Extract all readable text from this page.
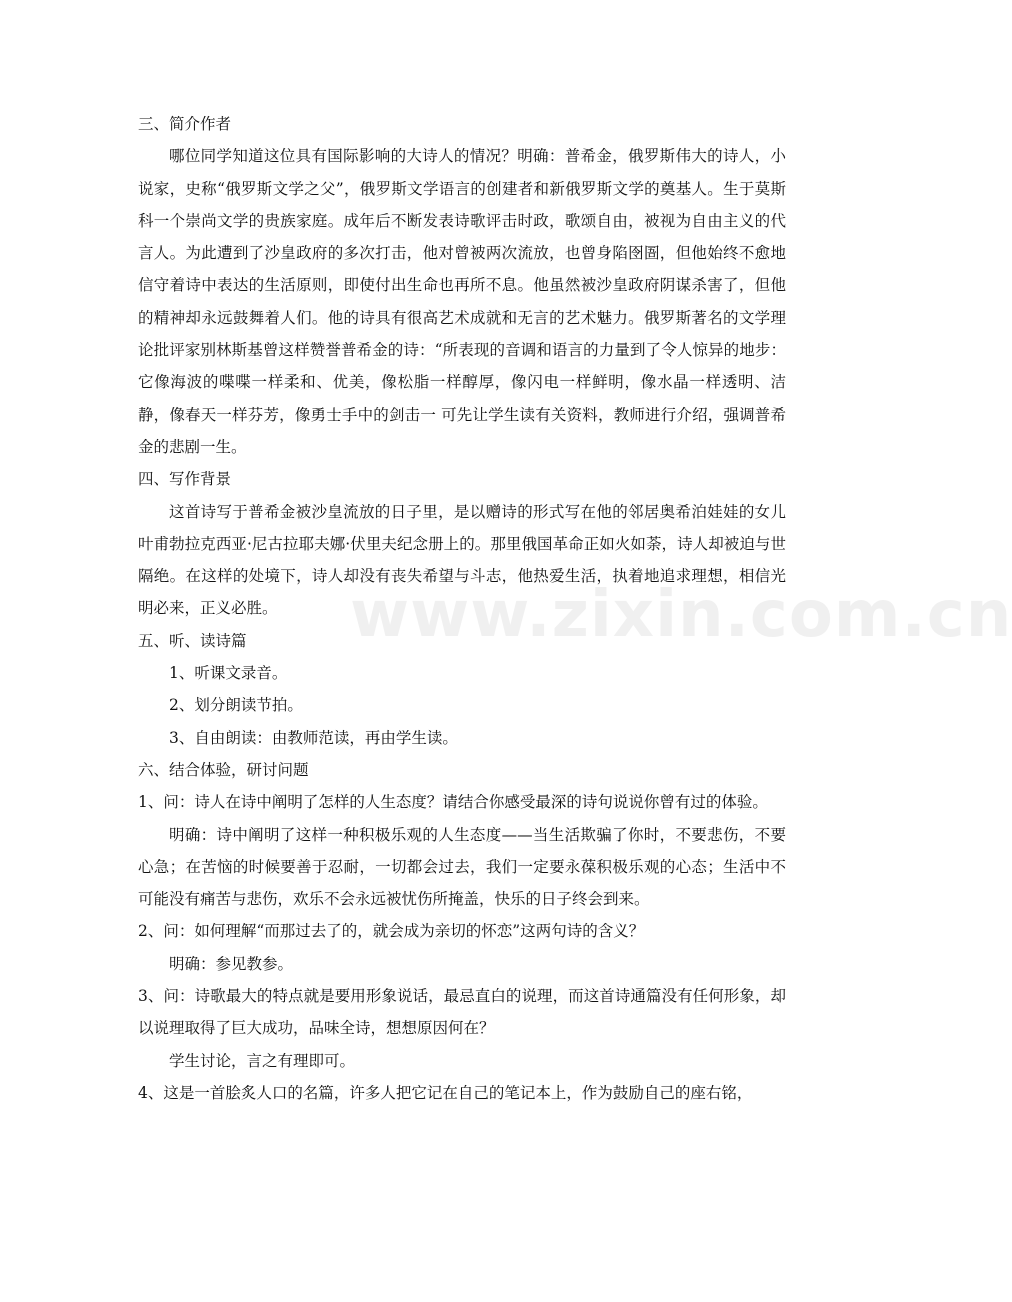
三、简介作者

哪位同学知道这位具有国际影响的大诗人的情况？明确：普希金，俄罗斯伟大的诗人，小说家，史称“俄罗斯文学之父”，俄罗斯文学语言的创建者和新俄罗斯文学的奠基人。生于莫斯科一个崇尚文学的贵族家庭。成年后不断发表诗歌评击时政，歌颂自由，被视为自由主义的代言人。为此遭到了沙皇政府的多次打击，他对曾被两次流放，也曾身陷囹圄，但他始终不愈地信守着诗中表达的生活原则，即使付出生命也再所不息。他虽然被沙皇政府阴谋杀害了，但他的精神却永远鼓舞着人们。他的诗具有很高艺术成就和无言的艺术魅力。俄罗斯著名的文学理论批评家别林斯基曾这样赞誉普希金的诗：“所表现的音调和语言的力量到了令人惊异的地步：它像海波的喋喋一样柔和、优美，像松脂一样醇厚，像闪电一样鲜明，像水晶一样透明、洁静，像春天一样芬芳，像勇士手中的剑击一 可先让学生读有关资料，教师进行介绍，强调普希金的悲剧一生。

四、写作背景

这首诗写于普希金被沙皇流放的日子里，是以赠诗的形式写在他的邻居奥希泊娃娃的女儿叶甫勃拉克西亚·尼古拉耶夫娜·伏里夫纪念册上的。那里俄国革命正如火如荼，诗人却被迫与世隔绝。在这样的处境下，诗人却没有丧失希望与斗志，他热爱生活，执着地追求理想，相信光明必来，正义必胜。

五、听、读诗篇

1、听课文录音。

2、划分朗读节拍。

3、自由朗读：由教师范读，再由学生读。

六、结合体验，研讨问题

1、问：诗人在诗中阐明了怎样的人生态度？请结合你感受最深的诗句说说你曾有过的体验。

明确：诗中阐明了这样一种积极乐观的人生态度——当生活欺骗了你时，不要悲伤，不要心急；在苦恼的时候要善于忍耐，一切都会过去，我们一定要永葆积极乐观的心态；生活中不可能没有痛苦与悲伤，欢乐不会永远被忧伤所掩盖，快乐的日子终会到来。

2、问：如何理解“而那过去了的，就会成为亲切的怀恋”这两句诗的含义？

明确：参见教参。

3、问：诗歌最大的特点就是要用形象说话，最忌直白的说理，而这首诗通篇没有任何形象，却以说理取得了巨大成功，品味全诗，想想原因何在？

学生讨论，言之有理即可。

4、这是一首脍炙人口的名篇，许多人把它记在自己的笔记本上，作为鼓励自己的座右铭，

www.zixin.com.cn
